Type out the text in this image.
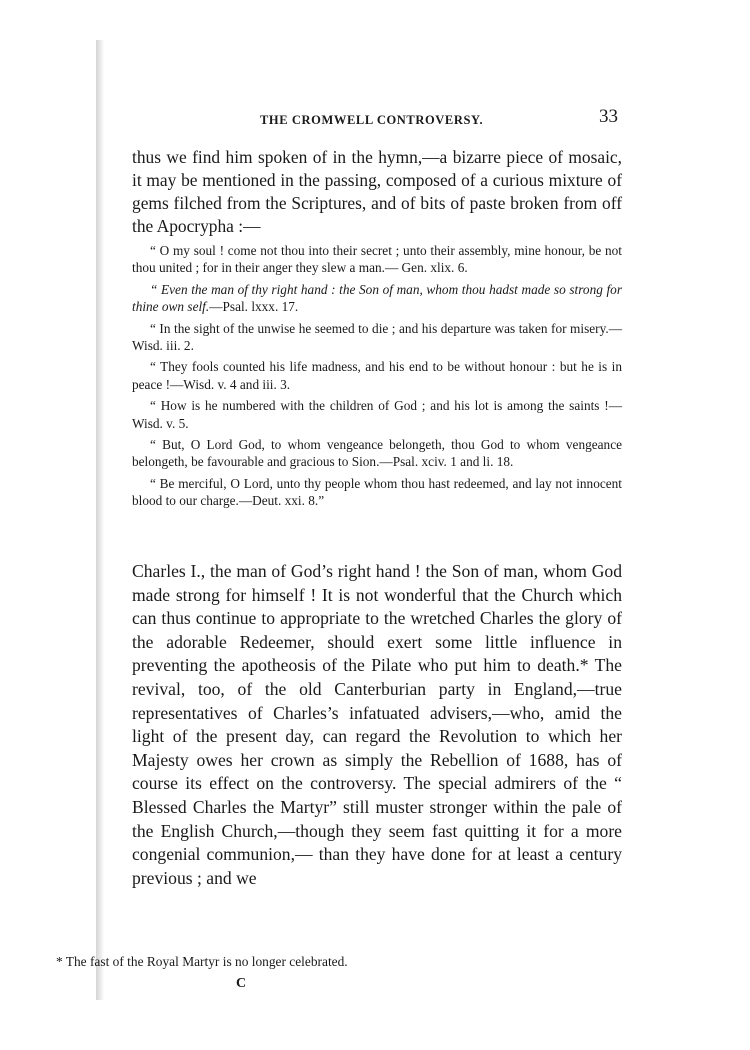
THE CROMWELL CONTROVERSY.	33

thus we find him spoken of in the hymn,—a bizarre piece of mosaic, it may be mentioned in the passing, composed of a curious mixture of gems filched from the Scriptures, and of bits of paste broken from off the Apocrypha :—

“ O my soul ! come not thou into their secret ; unto their assembly, mine honour, be not thou united ; for in their anger they slew a man.— Gen. xlix. 6.

“ Even the man of thy right hand : the Son of man, whom thou hadst made so strong for thine own self.—Psal. lxxx. 17.

“ In the sight of the unwise he seemed to die ; and his departure was taken for misery.—Wisd. iii. 2.

“ They fools counted his life madness, and his end to be without honour : but he is in peace !—Wisd. v. 4 and iii. 3.

“ How is he numbered with the children of God ; and his lot is among the saints !—Wisd. v. 5.

“ But, O Lord God, to whom vengeance belongeth, thou God to whom vengeance belongeth, be favourable and gracious to Sion.—Psal. xciv. 1 and li. 18.

“ Be merciful, O Lord, unto thy people whom thou hast redeemed, and lay not innocent blood to our charge.—Deut. xxi. 8.”

Charles I., the man of God’s right hand ! the Son of man, whom God made strong for himself ! It is not wonderful that the Church which can thus continue to appropriate to the wretched Charles the glory of the adorable Redeemer, should exert some little influence in preventing the apotheosis of the Pilate who put him to death.* The revival, too, of the old Canterburian party in England,—true representatives of Charles’s infatuated advisers,—who, amid the light of the present day, can regard the Revolution to which her Majesty owes her crown as simply the Rebellion of 1688, has of course its effect on the controversy. The special admirers of the “ Blessed Charles the Martyr” still muster stronger within the pale of the English Church,—though they seem fast quitting it for a more congenial communion,— than they have done for at least a century previous ; and we

* The fast of the Royal Martyr is no longer celebrated.
C
